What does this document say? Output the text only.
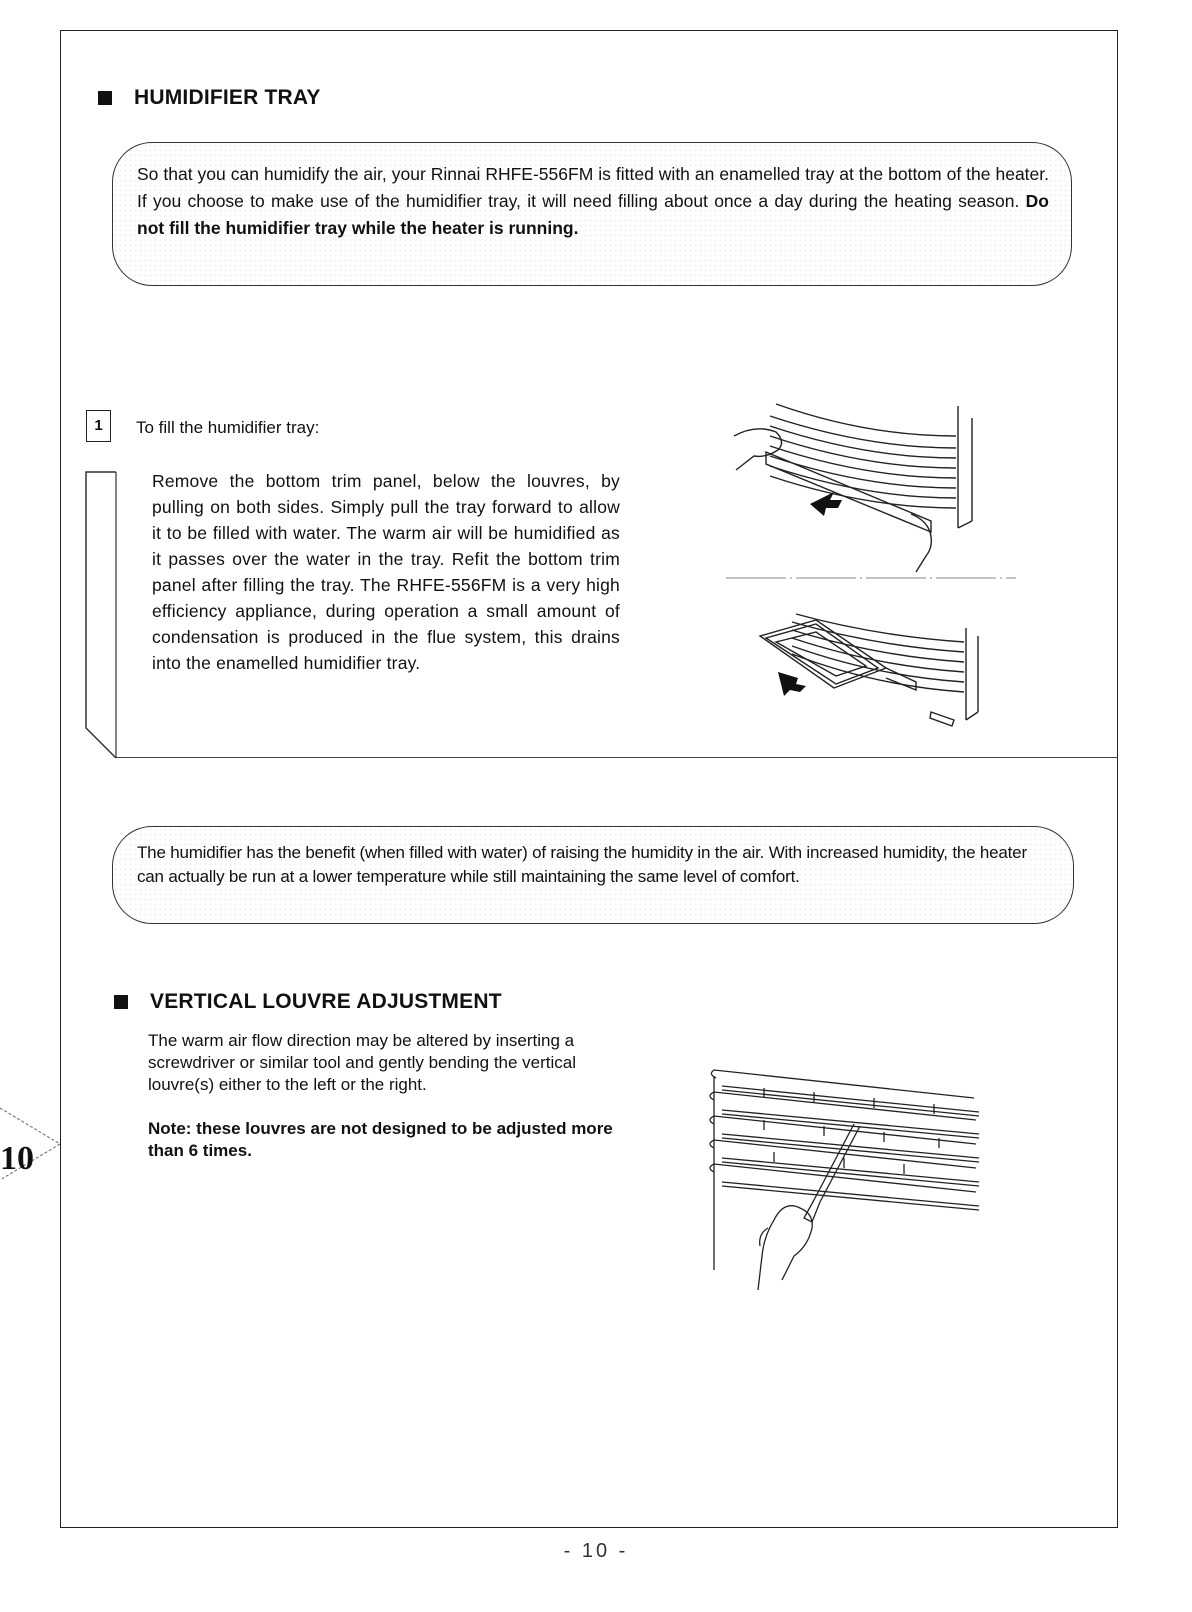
HUMIDIFIER TRAY

So that you can humidify the air, your Rinnai RHFE-556FM is fitted with an enamelled tray at the bottom of the heater. If you choose to make use of the humidifier tray, it will need filling about once a day during the heating season. Do not fill the humidifier tray while the heater is running.

1	To fill the humidifier tray:

Remove the bottom trim panel, below the louvres, by pulling on both sides. Simply pull the tray forward to allow it to be filled with water. The warm air will be humidified as it passes over the water in the tray. Refit the bottom trim panel after filling the tray. The RHFE-556FM is a very high efficiency appliance, during operation a small amount of condensation is produced in the flue system, this drains into the enamelled humidifier tray.

The humidifier has the benefit (when filled with water) of raising the humidity in the air. With increased humidity, the heater can actually be run at a lower temperature while still maintaining the same level of comfort.

VERTICAL LOUVRE ADJUSTMENT

The warm air flow direction may be altered by inserting a screwdriver or similar tool and gently bending the vertical louvre(s) either to the left or the right.

Note: these louvres are not designed to be adjusted more than 6 times.

10
- 10 -
